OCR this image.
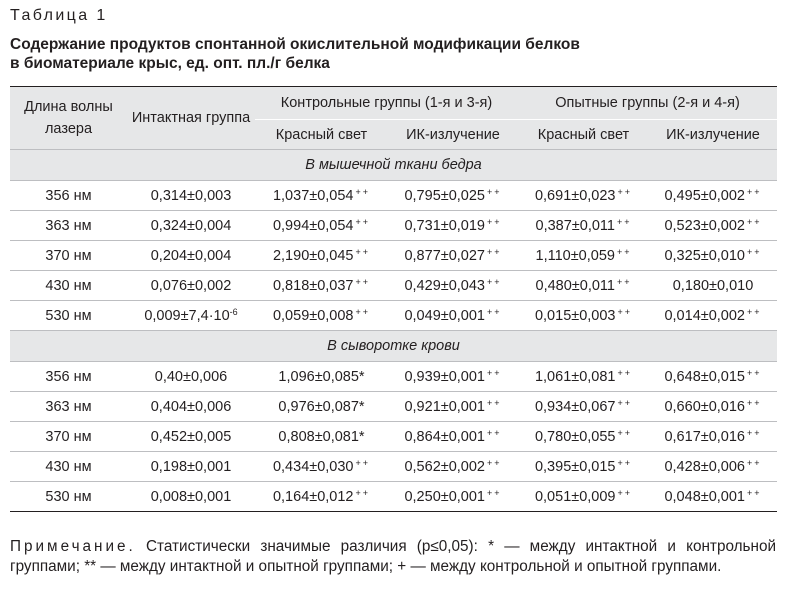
Таблица 1
Содержание продуктов спонтанной окислительной модификации белков
в биоматериале крыс, ед. опт. пл./г белка
Длина волны лазера	Интактная группа	Контрольные группы (1-я и 3-я)		Опытные группы (2-я и 4-я)	
		Красный свет	ИК-излучение	Красный свет	ИК-излучение
В мышечной ткани бедра					
356 нм	0,314±0,003	1,037±0,054 ++	0,795±0,025 ++	0,691±0,023 ++	0,495±0,002 ++
363 нм	0,324±0,004	0,994±0,054 ++	0,731±0,019 ++	0,387±0,011 ++	0,523±0,002 ++
370 нм	0,204±0,004	2,190±0,045 ++	0,877±0,027 ++	1,110±0,059 ++	0,325±0,010 ++
430 нм	0,076±0,002	0,818±0,037 ++	0,429±0,043 ++	0,480±0,011 ++	0,180±0,010
530 нм	$0,009\pm 7,4\cdot 10^{-6}$	0,059±0,008 ++	0,049±0,001 ++	0,015±0,003 ++	0,014±0,002 ++
В сыворотке крови					
356 нм	0,40±0,006	1,096±0,085*	0,939±0,001 ++	1,061±0,081 ++	0,648±0,015 ++
363 нм	0,404±0,006	0,976±0,087*	0,921±0,001 ++	0,934±0,067 ++	0,660±0,016 ++
370 нм	0,452±0,005	0,808±0,081*	0,864±0,001 ++	0,780±0,055 ++	0,617±0,016 ++
430 нм	0,198±0,001	0,434±0,030 ++	0,562±0,002 ++	0,395±0,015 ++	0,428±0,006 ++
530 нм	0,008±0,001	0,164±0,012 ++	0,250±0,001 ++	0,051±0,009 ++	0,048±0,001 ++
Примечание. Статистически значимые различия (p≤0,05): * — между интактной и контрольной группами; ** — между интактной и опытной группами; + — между контрольной и опытной группами.
